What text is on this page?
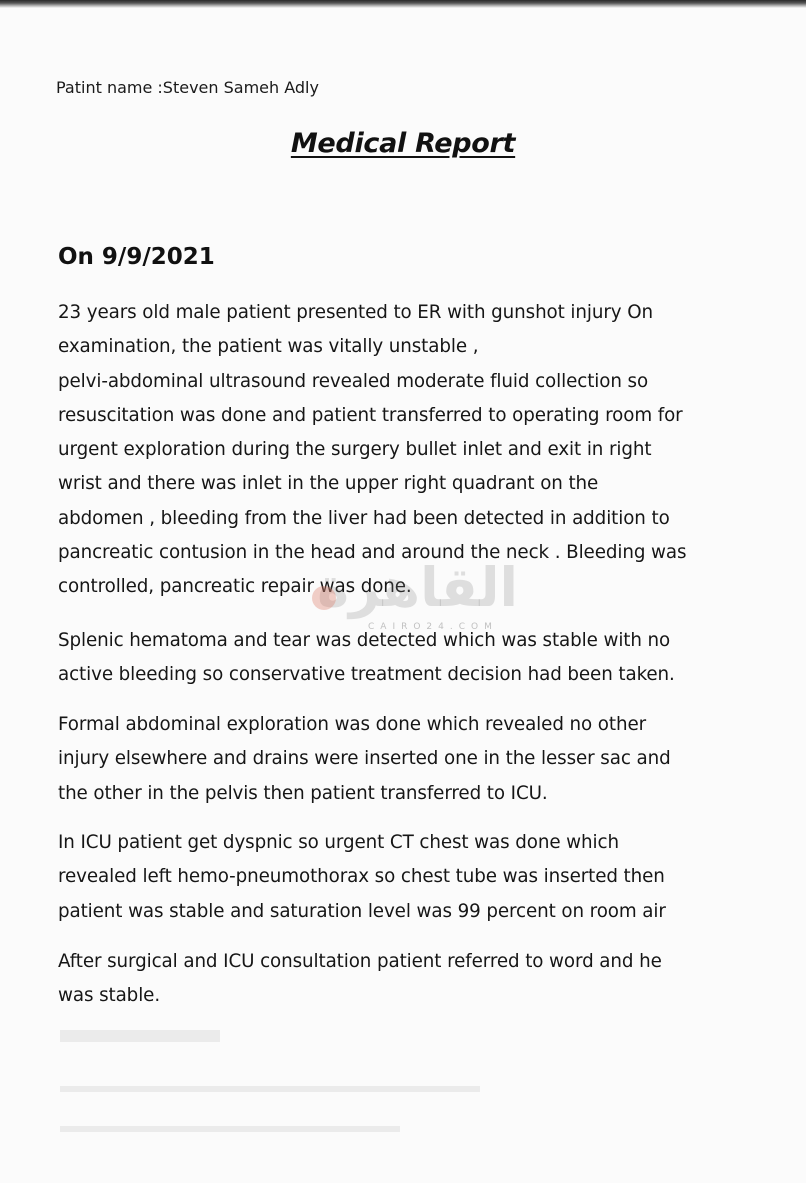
Patint name :Steven Sameh Adly
Medical Report
On 9/9/2021
23 years old male patient presented to ER with gunshot injury On
examination, the patient was vitally unstable ,
pelvi-abdominal ultrasound revealed moderate fluid collection so
resuscitation was done and patient transferred to operating room for
urgent exploration during the surgery bullet inlet and exit in right
wrist and there was inlet in the upper right quadrant on the
abdomen , bleeding from the liver had been detected in addition to
pancreatic contusion in the head and around the neck . Bleeding was
controlled, pancreatic repair was done.
Splenic hematoma and tear was detected which was stable with no
active bleeding so conservative treatment decision had been taken.
Formal abdominal exploration was done which revealed no other
injury elsewhere and drains were inserted one in the lesser sac and
the other in the pelvis then patient transferred to ICU.
In ICU patient get dyspnic so urgent CT chest was done which
revealed left hemo-pneumothorax so chest tube was inserted then
patient was stable and saturation level was 99 percent on room air
After surgical and ICU consultation patient referred to word and he
was stable.
القاهرة
CAIRO24.COM
